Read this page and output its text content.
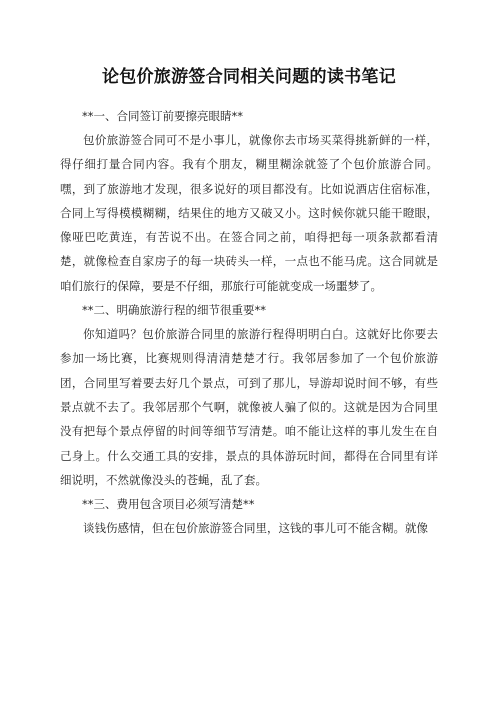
论包价旅游签合同相关问题的读书笔记

**一、合同签订前要擦亮眼睛**

包价旅游签合同可不是小事儿，就像你去市场买菜得挑新鲜的一样，得仔细打量合同内容。我有个朋友，糊里糊涂就签了个包价旅游合同。嘿，到了旅游地才发现，很多说好的项目都没有。比如说酒店住宿标准，合同上写得模模糊糊，结果住的地方又破又小。这时候你就只能干瞪眼，像哑巴吃黄连，有苦说不出。在签合同之前，咱得把每一项条款都看清楚，就像检查自家房子的每一块砖头一样，一点也不能马虎。这合同就是咱们旅行的保障，要是不仔细，那旅行可能就变成一场噩梦了。

**二、明确旅游行程的细节很重要**

你知道吗？包价旅游合同里的旅游行程得明明白白。这就好比你要去参加一场比赛，比赛规则得清清楚楚才行。我邻居参加了一个包价旅游团，合同里写着要去好几个景点，可到了那儿，导游却说时间不够，有些景点就不去了。我邻居那个气啊，就像被人骗了似的。这就是因为合同里没有把每个景点停留的时间等细节写清楚。咱不能让这样的事儿发生在自己身上。什么交通工具的安排，景点的具体游玩时间，都得在合同里有详细说明，不然就像没头的苍蝇，乱了套。

**三、费用包含项目必须写清楚**

谈钱伤感情，但在包价旅游签合同里，这钱的事儿可不能含糊。就像
